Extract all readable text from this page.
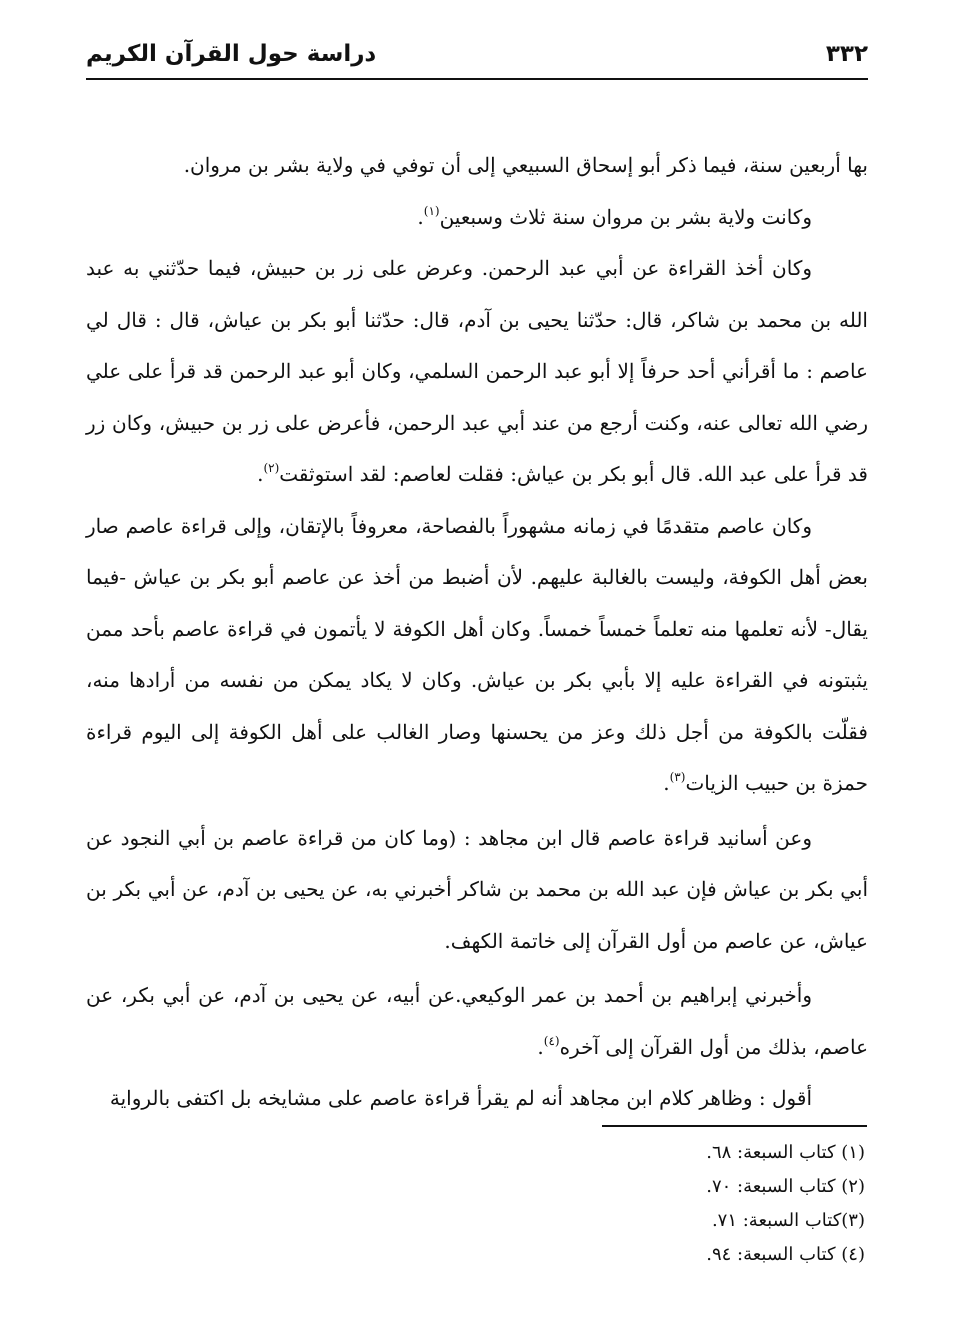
٣٣٢
دراسة حول القرآن الكريم

بها أربعين سنة، فيما ذكر أبو إسحاق السبيعي إلى أن توفي في ولاية بشر بن مروان.

وكانت ولاية بشر بن مروان سنة ثلاث وسبعين$^{(١)}$.

وكان أخذ القراءة عن أبي عبد الرحمن. وعرض على زر بن حبيش، فيما حدّثني به عبد الله بن محمد بن شاكر، قال: حدّثنا يحيى بن آدم، قال: حدّثنا أبو بكر بن عياش، قال : قال لي عاصم : ما أقرأني أحد حرفاً إلا أبو عبد الرحمن السلمي، وكان أبو عبد الرحمن قد قرأ على علي رضي الله تعالى عنه، وكنت أرجع من عند أبي عبد الرحمن، فأعرض على زر بن حبيش، وكان زر قد قرأ على عبد الله. قال أبو بكر بن عياش: فقلت لعاصم: لقد استوثقت$^{(٢)}$.

وكان عاصم متقدمًا في زمانه مشهوراً بالفصاحة، معروفاً بالإتقان، وإلى قراءة عاصم صار بعض أهل الكوفة، وليست بالغالبة عليهم. لأن أضبط من أخذ عن عاصم أبو بكر بن عياش -فيما يقال- لأنه تعلمها منه تعلماً خمساً خمساً. وكان أهل الكوفة لا يأتمون في قراءة عاصم بأحد ممن يثبتونه في القراءة عليه إلا بأبي بكر بن عياش. وكان لا يكاد يمكن من نفسه من أرادها منه، فقلّت بالكوفة من أجل ذلك وعز من يحسنها وصار الغالب على أهل الكوفة إلى اليوم قراءة حمزة بن حبيب الزيات$^{(٣)}$.

وعن أسانيد قراءة عاصم قال ابن مجاهد : (وما كان من قراءة عاصم بن أبي النجود عن أبي بكر بن عياش فإن عبد الله بن محمد بن شاكر أخبرني به، عن يحيى بن آدم، عن أبي بكر بن عياش، عن عاصم من أول القرآن إلى خاتمة الكهف.

وأخبرني إبراهيم بن أحمد بن عمر الوكيعي.عن أبيه، عن يحيى بن آدم، عن أبي بكر، عن عاصم، بذلك من أول القرآن إلى آخره$^{(٤)}$.

أقول : وظاهر كلام ابن مجاهد أنه لم يقرأ قراءة عاصم على مشايخه بل اكتفى بالرواية

(١) كتاب السبعة: ٦٨.
(٢) كتاب السبعة: ٧٠.
(٣)كتاب السبعة: ٧١.
(٤) كتاب السبعة: ٩٤.
